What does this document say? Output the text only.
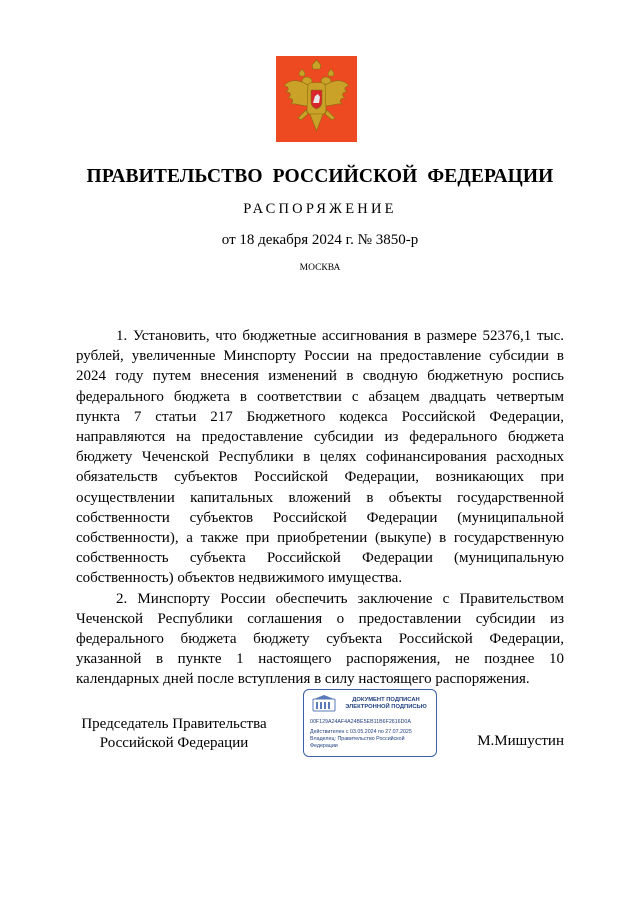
ПРАВИТЕЛЬСТВО РОССИЙСКОЙ ФЕДЕРАЦИИ
РАСПОРЯЖЕНИЕ
от 18 декабря 2024 г. № 3850-р
МОСКВА

1. Установить, что бюджетные ассигнования в размере 52376,1 тыс. рублей, увеличенные Минспорту России на предоставление субсидии в 2024 году путем внесения изменений в сводную бюджетную роспись федерального бюджета в соответствии с абзацем двадцать четвертым пункта 7 статьи 217 Бюджетного кодекса Российской Федерации, направляются на предоставление субсидии из федерального бюджета бюджету Чеченской Республики в целях софинансирования расходных обязательств субъектов Российской Федерации, возникающих при осуществлении капитальных вложений в объекты государственной собственности субъектов Российской Федерации (муниципальной собственности), а также при приобретении (выкупе) в государственную собственность субъекта Российской Федерации (муниципальную собственность) объектов недвижимого имущества.

2. Минспорту России обеспечить заключение с Правительством Чеченской Республики соглашения о предоставлении субсидии из федерального бюджета бюджету субъекта Российской Федерации, указанной в пункте 1 настоящего распоряжения, не позднее 10 календарных дней после вступления в силу настоящего распоряжения.

Председатель Правительства
Российской Федерации
ДОКУМЕНТ ПОДПИСАН
ЭЛЕКТРОННОЙ ПОДПИСЬЮ
00F129A24AF4A24BE5EB11B6F2616D0A
Действителен с 03.05.2024 по 27.07.2025
Владелец: Правительство Российской
Федерации	М.Мишустин
